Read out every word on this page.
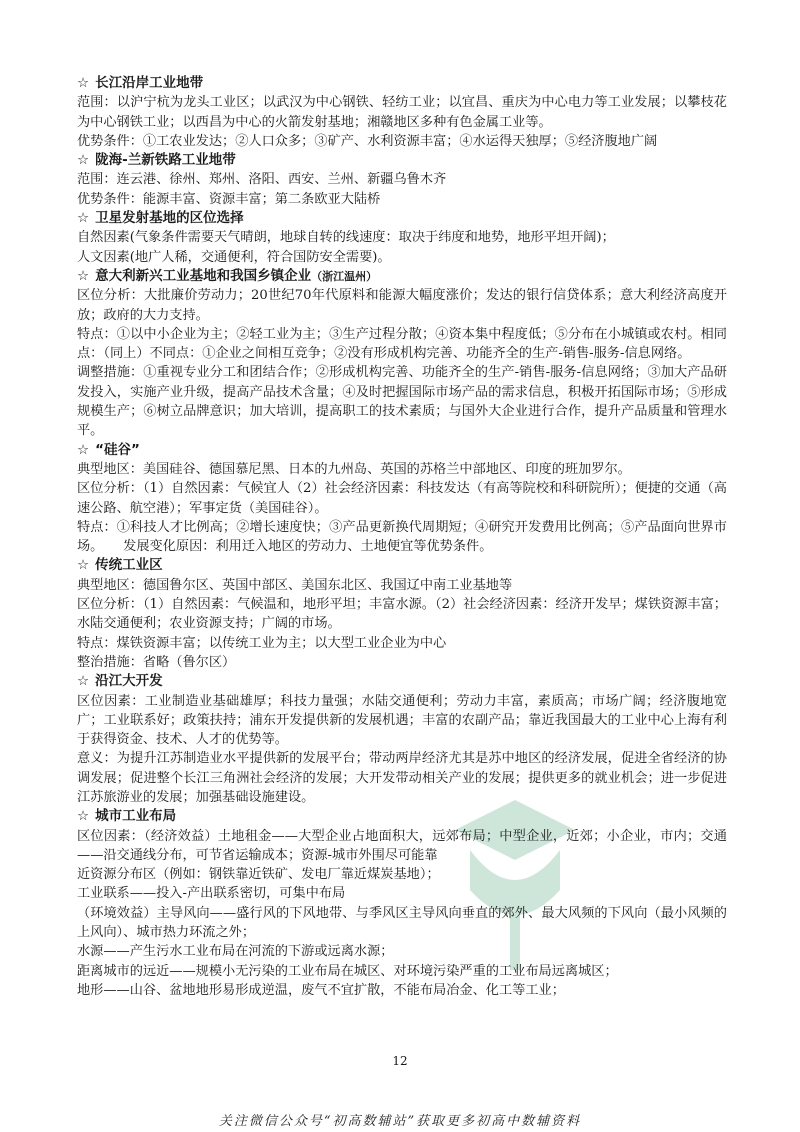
☆ 长江沿岸工业地带

范围：以沪宁杭为龙头工业区；以武汉为中心钢铁、轻纺工业；以宜昌、重庆为中心电力等工业发展；以攀枝花为中心钢铁工业；以西昌为中心的火箭发射基地；湘赣地区多种有色金属工业等。

优势条件：①工农业发达；②人口众多；③矿产、水利资源丰富；④水运得天独厚；⑤经济腹地广阔

☆ 陇海-兰新铁路工业地带

范围：连云港、徐州、郑州、洛阳、西安、兰州、新疆乌鲁木齐

优势条件：能源丰富、资源丰富；第二条欧亚大陆桥

☆ 卫星发射基地的区位选择

自然因素(气象条件需要天气晴朗，地球自转的线速度：取决于纬度和地势，地形平坦开阔)；

人文因素(地广人稀，交通便利，符合国防安全需要)。

☆ 意大利新兴工业基地和我国乡镇企业（浙江温州）

区位分析：大批廉价劳动力；20世纪70年代原料和能源大幅度涨价；发达的银行信贷体系；意大利经济高度开放；政府的大力支持。

特点：①以中小企业为主；②轻工业为主；③生产过程分散；④资本集中程度低；⑤分布在小城镇或农村。相同点：（同上）不同点：①企业之间相互竞争；②没有形成机构完善、功能齐全的生产-销售-服务-信息网络。

调整措施：①重视专业分工和团结合作；②形成机构完善、功能齐全的生产-销售-服务-信息网络；③加大产品研发投入，实施产业升级，提高产品技术含量；④及时把握国际市场产品的需求信息，积极开拓国际市场；⑤形成规模生产；⑥树立品牌意识；加大培训，提高职工的技术素质；与国外大企业进行合作，提升产品质量和管理水平。

☆ “硅谷”

典型地区：美国硅谷、德国慕尼黑、日本的九州岛、英国的苏格兰中部地区、印度的班加罗尔。

区位分析：（1）自然因素：气候宜人（2）社会经济因素：科技发达（有高等院校和科研院所）；便捷的交通（高速公路、航空港）；军事定货（美国硅谷）。

特点：①科技人才比例高；②增长速度快；③产品更新换代周期短；④研究开发费用比例高；⑤产品面向世界市场。　　发展变化原因：利用迁入地区的劳动力、土地便宜等优势条件。

☆ 传统工业区

典型地区：德国鲁尔区、英国中部区、美国东北区、我国辽中南工业基地等

区位分析：（1）自然因素：气候温和，地形平坦；丰富水源。（2）社会经济因素：经济开发早；煤铁资源丰富；水陆交通便利；农业资源支持；广阔的市场。

特点：煤铁资源丰富；以传统工业为主；以大型工业企业为中心

整治措施：省略（鲁尔区）

☆ 沿江大开发

区位因素：工业制造业基础雄厚；科技力量强；水陆交通便利；劳动力丰富，素质高；市场广阔；经济腹地宽广；工业联系好；政策扶持；浦东开发提供新的发展机遇；丰富的农副产品；靠近我国最大的工业中心上海有利于获得资金、技术、人才的优势等。

意义：为提升江苏制造业水平提供新的发展平台；带动两岸经济尤其是苏中地区的经济发展，促进全省经济的协调发展；促进整个长江三角洲社会经济的发展；大开发带动相关产业的发展；提供更多的就业机会；进一步促进江苏旅游业的发展；加强基础设施建设。

☆ 城市工业布局

区位因素：（经济效益）土地租金——大型企业占地面积大，远郊布局；中型企业，近郊；小企业，市内；交通——沿交通线分布，可节省运输成本；资源-城市外围尽可能靠

近资源分布区（例如：钢铁靠近铁矿、发电厂靠近煤炭基地）；

工业联系——投入-产出联系密切，可集中布局

（环境效益）主导风向——盛行风的下风地带、与季风区主导风向垂直的郊外、最大风频的下风向（最小风频的上风向）、城市热力环流之外；

水源——产生污水工业布局在河流的下游或远离水源；

距离城市的远近——规模小无污染的工业布局在城区、对环境污染严重的工业布局远离城区；

地形——山谷、盆地地形易形成逆温，废气不宜扩散，不能布局冶金、化工等工业；

12
关注微信公众号“初高数辅站”获取更多初高中数辅资料
